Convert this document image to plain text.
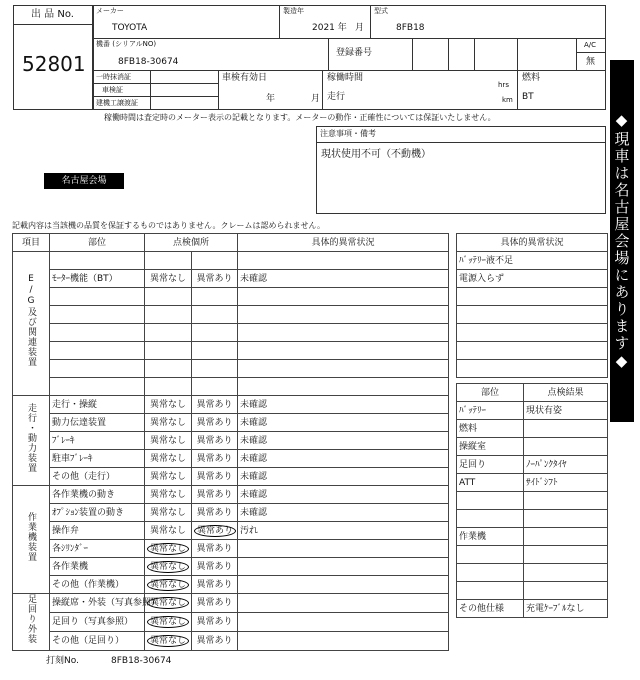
出 品 No.
52801
メーカー
TOYOTA
製造年
2021 年 月
型式
8FB18
機番 (シリアルNO)
8FB18-30674
登録番号
A/C
無
一時抹消証
車検証
建機工譲渡証
車検有効日
年	月
稼働時間
hrs
走行	km
燃料
BT
稼働時間は査定時のメーター表示の記載となります。メーターの動作・正確性については保証いたしません。
注意事項・備考
現状使用不可（不動機）
名古屋会場
記載内容は当該機の品質を保証するものではありません。クレームは認められません。	◆現車は名古屋会場にあります◆
項目	部位	点検個所		具体的異常状況
E/G及び関連装置				
	ﾓｰﾀｰ機能（BT）	異常なし	異常あり	未確認

走行・動力装置	走行・操縦	異常なし	異常あり	未確認
	動力伝達装置	異常なし	異常あり	未確認
	ﾌﾞﾚｰｷ	異常なし	異常あり	未確認
	駐車ﾌﾞﾚｰｷ	異常なし	異常あり	未確認
	その他（走行）	異常なし	異常あり	未確認
作業機装置	各作業機の動き	異常なし	異常あり	未確認
	ｵﾌﾟｼｮﾝ装置の動き	異常なし	異常あり	未確認
	操作弁	異常なし	異常あり	汚れ
	各ｼﾘﾝﾀﾞｰ	異常なし	異常あり	
	各作業機	異常なし	異常あり	
	その他（作業機）	異常なし	異常あり	
足回り外装	操縦席・外装（写真参照）	異常なし	異常あり	
	足回り（写真参照）	異常なし	異常あり	
	その他（足回り）	異常なし	異常あり	
具体的異常状況
ﾊﾞｯﾃﾘｰ液不足
電源入らず

部位	点検結果
ﾊﾞｯﾃﾘｰ	現状有姿
燃料	
操縦室	
足回り	ﾉｰﾊﾟﾝｸﾀｲﾔ
ATT	ｻｲﾄﾞｼﾌﾄ

作業機	

その他仕様	充電ｹｰﾌﾞﾙなし
打刻No.	8FB18-30674
